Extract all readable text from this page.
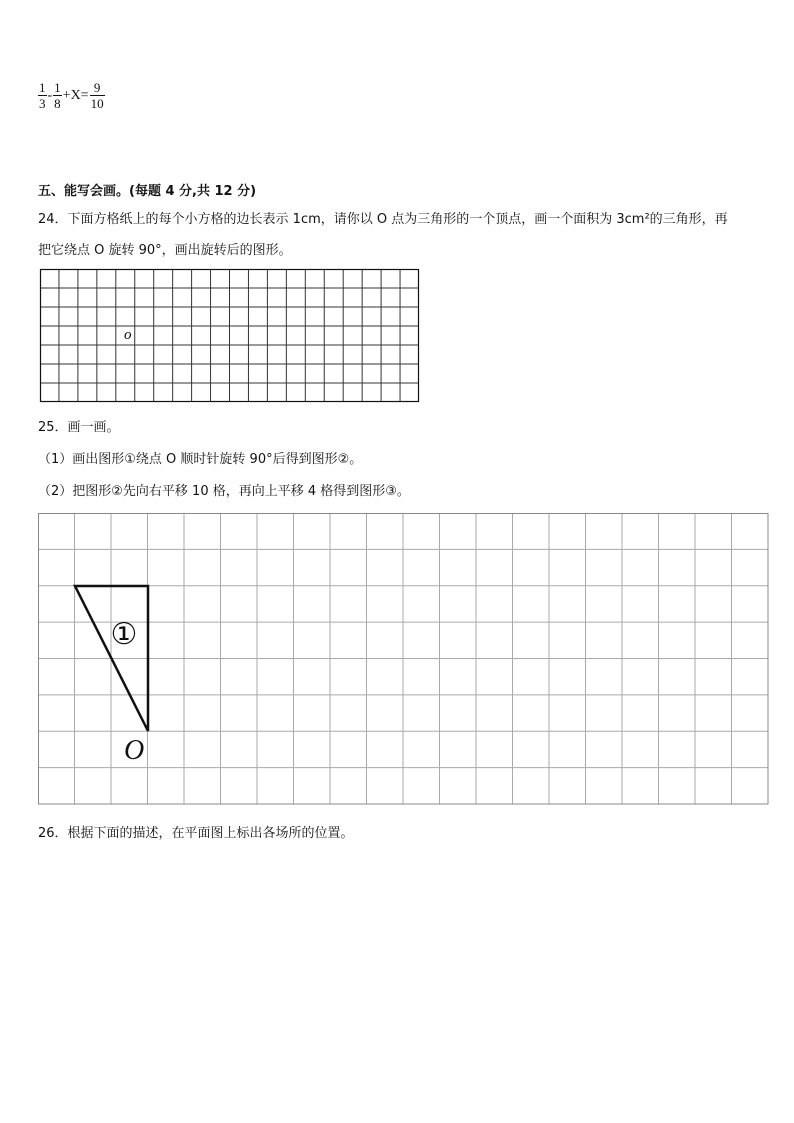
$\frac{1}{3} - \frac{1}{8} +X= \frac{9}{10}$
五、能写会画。(每题 4 分,共 12 分)
24．下面方格纸上的每个小方格的边长表示 1cm，请你以 O 点为三角形的一个顶点，画一个面积为 3cm²的三角形，再
把它绕点 O 旋转 90°，画出旋转后的图形。
o
25．画一画。
（1）画出图形①绕点 O 顺时针旋转 90°后得到图形②。
（2）把图形②先向右平移 10 格，再向上平移 4 格得到图形③。
①
O
26．根据下面的描述，在平面图上标出各场所的位置。
